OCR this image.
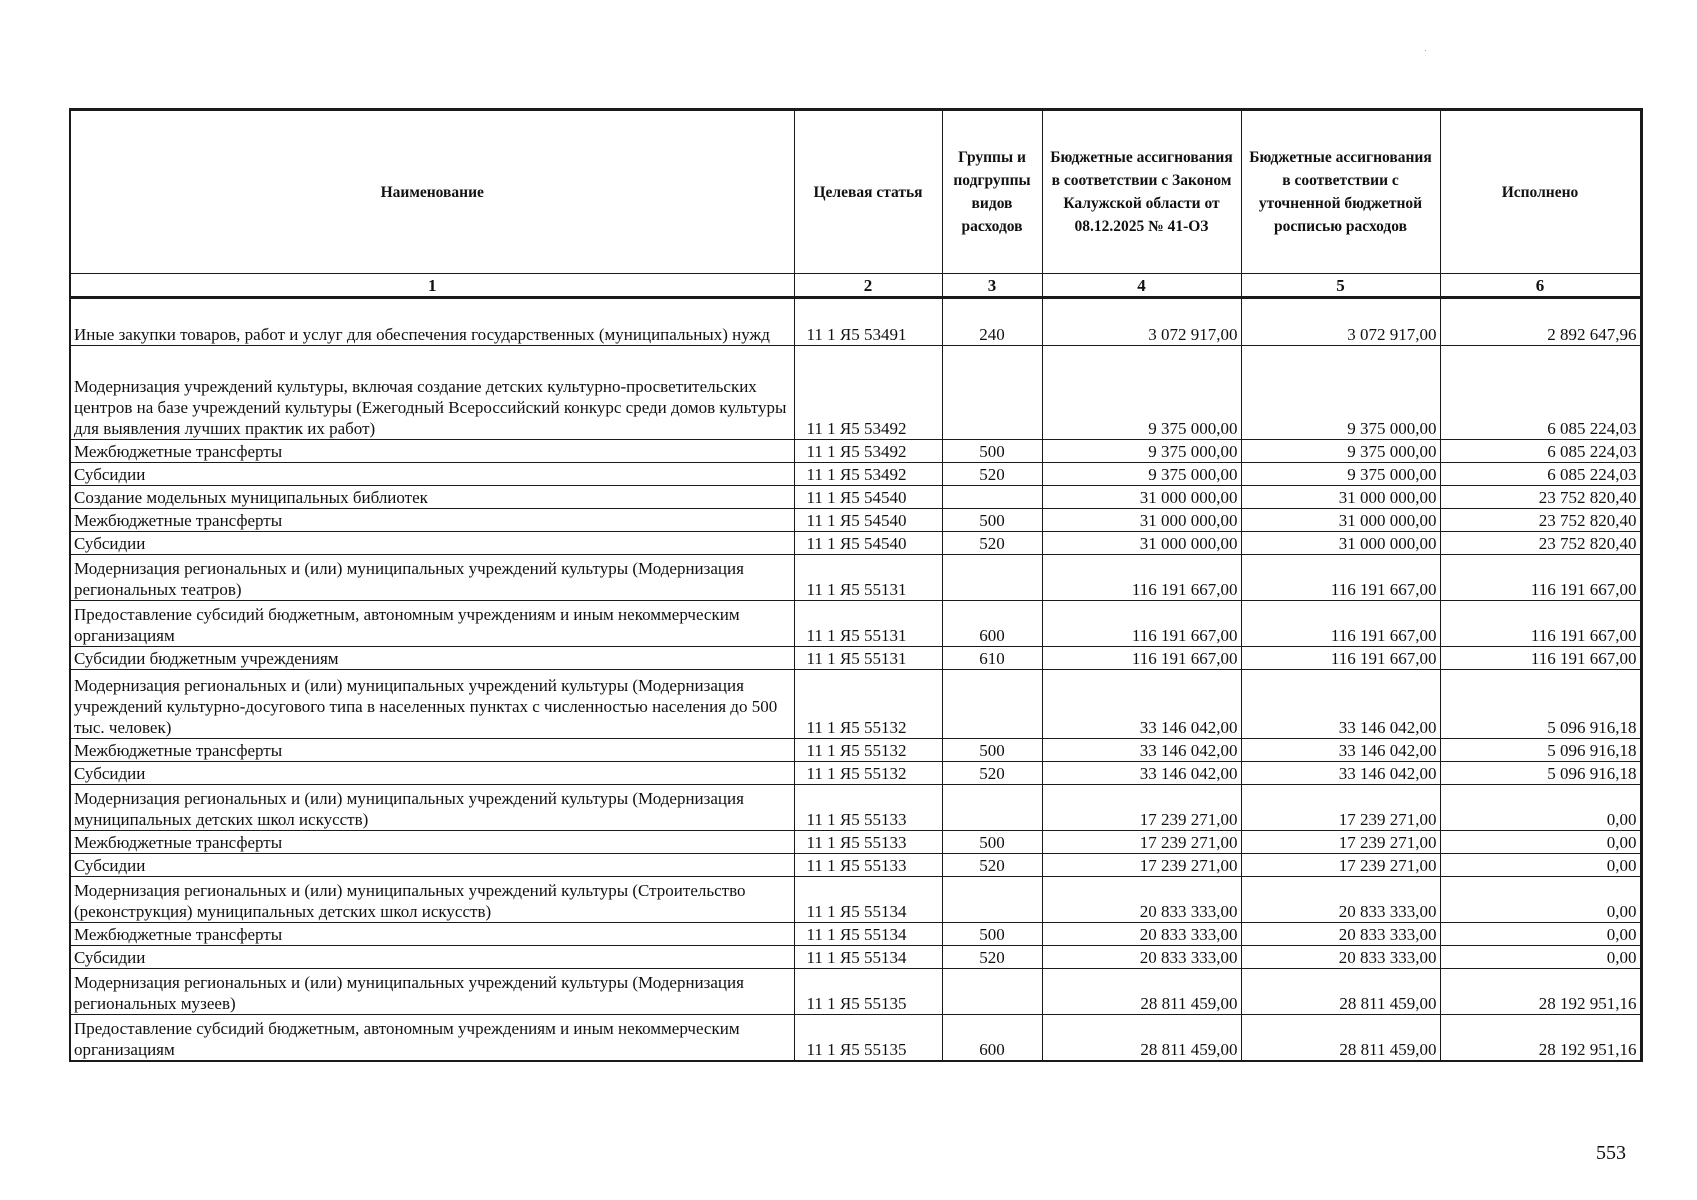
Наименование	Целевая статья	Группы и подгруппы видов расходов	Бюджетные ассигнования в соответствии с Законом Калужской области от 08.12.2025 № 41-ОЗ	Бюджетные ассигнования в соответствии с уточненной бюджетной росписью расходов	Исполнено
1	2	3	4	5	6
Иные закупки товаров, работ и услуг для обеспечения государственных (муниципальных) нужд	11 1 Я5 53491	240	3 072 917,00	3 072 917,00	2 892 647,96
Модернизация учреждений культуры, включая создание детских культурно-просветительских центров на базе учреждений культуры (Ежегодный Всероссийский конкурс среди домов культуры для выявления лучших практик их работ)	11 1 Я5 53492		9 375 000,00	9 375 000,00	6 085 224,03
Межбюджетные трансферты	11 1 Я5 53492	500	9 375 000,00	9 375 000,00	6 085 224,03
Субсидии	11 1 Я5 53492	520	9 375 000,00	9 375 000,00	6 085 224,03
Создание модельных муниципальных библиотек	11 1 Я5 54540		31 000 000,00	31 000 000,00	23 752 820,40
Межбюджетные трансферты	11 1 Я5 54540	500	31 000 000,00	31 000 000,00	23 752 820,40
Субсидии	11 1 Я5 54540	520	31 000 000,00	31 000 000,00	23 752 820,40
Модернизация региональных и (или) муниципальных учреждений культуры (Модернизация региональных театров)	11 1 Я5 55131		116 191 667,00	116 191 667,00	116 191 667,00
Предоставление субсидий бюджетным, автономным учреждениям и иным некоммерческим организациям	11 1 Я5 55131	600	116 191 667,00	116 191 667,00	116 191 667,00
Субсидии бюджетным учреждениям	11 1 Я5 55131	610	116 191 667,00	116 191 667,00	116 191 667,00
Модернизация региональных и (или) муниципальных учреждений культуры (Модернизация учреждений культурно-досугового типа в населенных пунктах с численностью населения до 500 тыс. человек)	11 1 Я5 55132		33 146 042,00	33 146 042,00	5 096 916,18
Межбюджетные трансферты	11 1 Я5 55132	500	33 146 042,00	33 146 042,00	5 096 916,18
Субсидии	11 1 Я5 55132	520	33 146 042,00	33 146 042,00	5 096 916,18
Модернизация региональных и (или) муниципальных учреждений культуры (Модернизация муниципальных детских школ искусств)	11 1 Я5 55133		17 239 271,00	17 239 271,00	0,00
Межбюджетные трансферты	11 1 Я5 55133	500	17 239 271,00	17 239 271,00	0,00
Субсидии	11 1 Я5 55133	520	17 239 271,00	17 239 271,00	0,00
Модернизация региональных и (или) муниципальных учреждений культуры (Строительство (реконструкция) муниципальных детских школ искусств)	11 1 Я5 55134		20 833 333,00	20 833 333,00	0,00
Межбюджетные трансферты	11 1 Я5 55134	500	20 833 333,00	20 833 333,00	0,00
Субсидии	11 1 Я5 55134	520	20 833 333,00	20 833 333,00	0,00
Модернизация региональных и (или) муниципальных учреждений культуры (Модернизация региональных музеев)	11 1 Я5 55135		28 811 459,00	28 811 459,00	28 192 951,16
Предоставление субсидий бюджетным, автономным учреждениям и иным некоммерческим организациям	11 1 Я5 55135	600	28 811 459,00	28 811 459,00	28 192 951,16
553
